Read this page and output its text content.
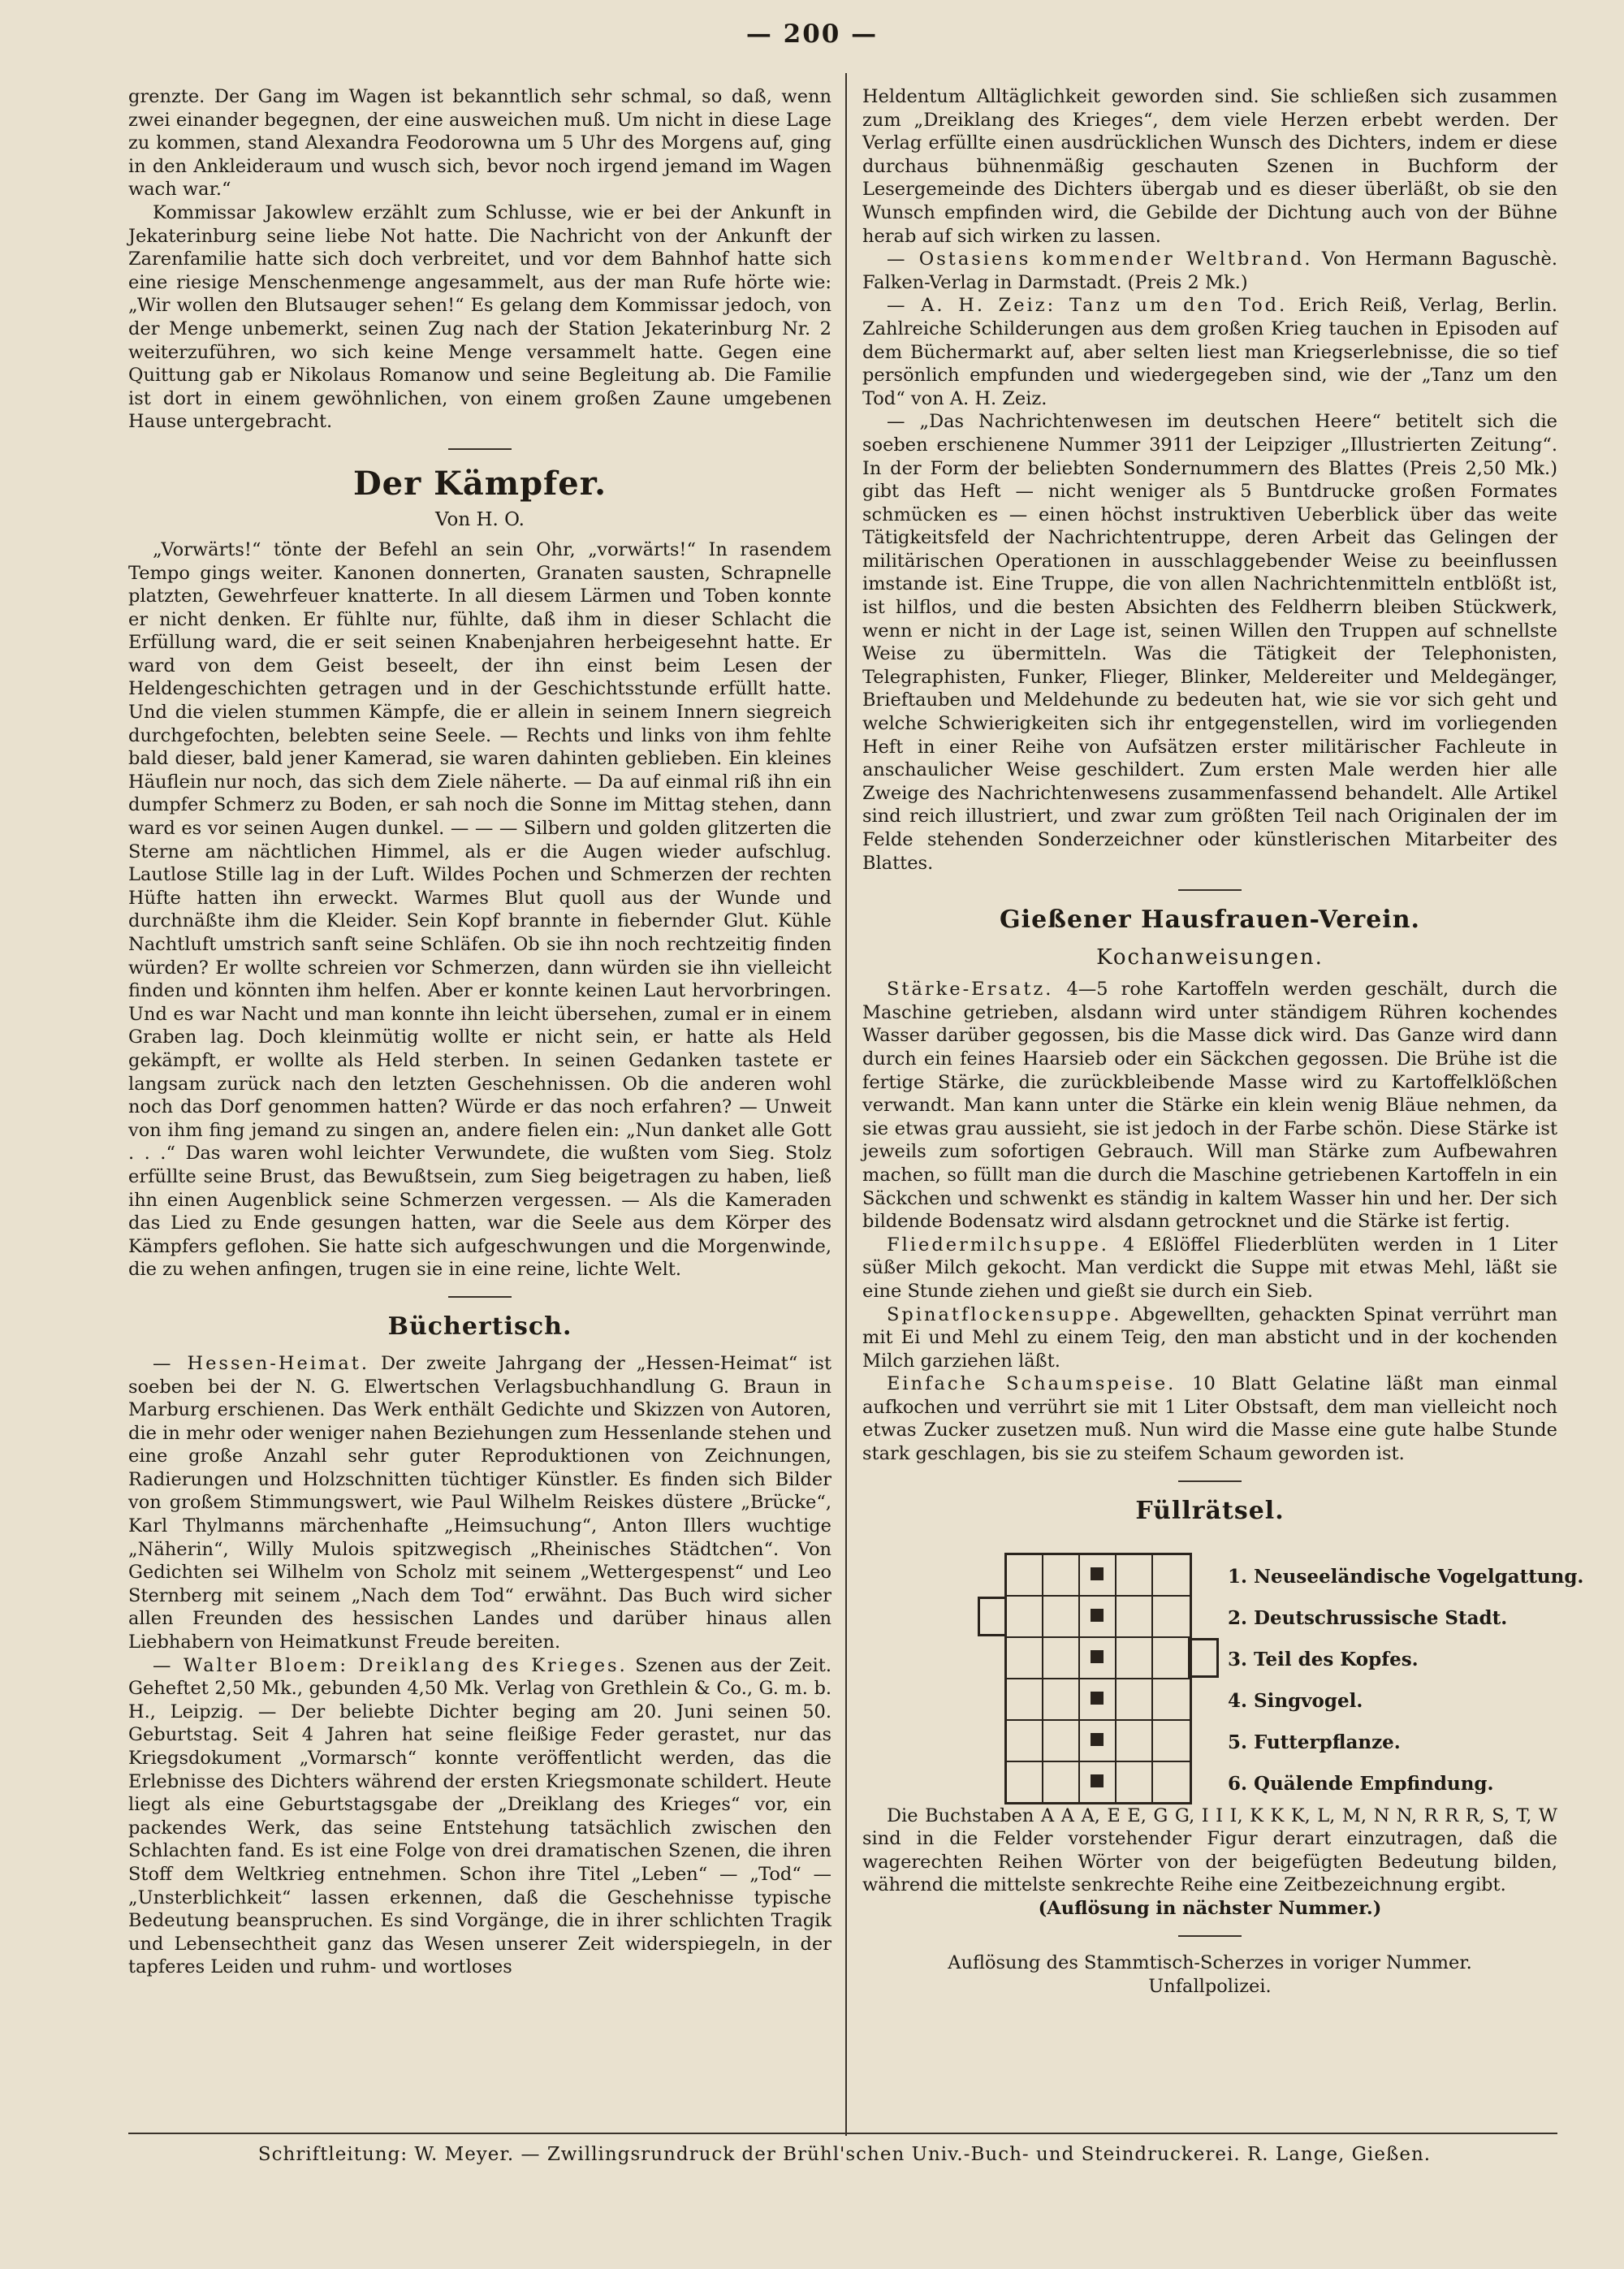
— 200 —

grenzte. Der Gang im Wagen ist bekanntlich sehr schmal, so daß, wenn zwei einander begegnen, der eine ausweichen muß. Um nicht in diese Lage zu kommen, stand Alexandra Feodorowna um 5 Uhr des Morgens auf, ging in den Ankleideraum und wusch sich, bevor noch irgend jemand im Wagen wach war.“

Kommissar Jakowlew erzählt zum Schlusse, wie er bei der Ankunft in Jekaterinburg seine liebe Not hatte. Die Nachricht von der Ankunft der Zarenfamilie hatte sich doch verbreitet, und vor dem Bahnhof hatte sich eine riesige Menschenmenge angesammelt, aus der man Rufe hörte wie: „Wir wollen den Blutsauger sehen!“ Es gelang dem Kommissar jedoch, von der Menge unbemerkt, seinen Zug nach der Station Jekaterinburg Nr. 2 weiterzuführen, wo sich keine Menge versammelt hatte. Gegen eine Quittung gab er Nikolaus Romanow und seine Begleitung ab. Die Familie ist dort in einem gewöhnlichen, von einem großen Zaune umgebenen Hause untergebracht.

Der Kämpfer.
Von H. O.

„Vorwärts!“ tönte der Befehl an sein Ohr, „vorwärts!“ In rasendem Tempo gings weiter. Kanonen donnerten, Granaten sausten, Schrapnelle platzten, Gewehrfeuer knatterte. In all diesem Lärmen und Toben konnte er nicht denken. Er fühlte nur, fühlte, daß ihm in dieser Schlacht die Erfüllung ward, die er seit seinen Knabenjahren herbeigesehnt hatte. Er ward von dem Geist beseelt, der ihn einst beim Lesen der Heldengeschichten getragen und in der Geschichtsstunde erfüllt hatte. Und die vielen stummen Kämpfe, die er allein in seinem Innern siegreich durchgefochten, belebten seine Seele. — Rechts und links von ihm fehlte bald dieser, bald jener Kamerad, sie waren dahinten geblieben. Ein kleines Häuflein nur noch, das sich dem Ziele näherte. — Da auf einmal riß ihn ein dumpfer Schmerz zu Boden, er sah noch die Sonne im Mittag stehen, dann ward es vor seinen Augen dunkel. — — — Silbern und golden glitzerten die Sterne am nächtlichen Himmel, als er die Augen wieder aufschlug. Lautlose Stille lag in der Luft. Wildes Pochen und Schmerzen der rechten Hüfte hatten ihn erweckt. Warmes Blut quoll aus der Wunde und durchnäßte ihm die Kleider. Sein Kopf brannte in fiebernder Glut. Kühle Nachtluft umstrich sanft seine Schläfen. Ob sie ihn noch rechtzeitig finden würden? Er wollte schreien vor Schmerzen, dann würden sie ihn vielleicht finden und könnten ihm helfen. Aber er konnte keinen Laut hervorbringen. Und es war Nacht und man konnte ihn leicht übersehen, zumal er in einem Graben lag. Doch kleinmütig wollte er nicht sein, er hatte als Held gekämpft, er wollte als Held sterben. In seinen Gedanken tastete er langsam zurück nach den letzten Geschehnissen. Ob die anderen wohl noch das Dorf genommen hatten? Würde er das noch erfahren? — Unweit von ihm fing jemand zu singen an, andere fielen ein: „Nun danket alle Gott . . .“ Das waren wohl leichter Verwundete, die wußten vom Sieg. Stolz erfüllte seine Brust, das Bewußtsein, zum Sieg beigetragen zu haben, ließ ihn einen Augenblick seine Schmerzen vergessen. — Als die Kameraden das Lied zu Ende gesungen hatten, war die Seele aus dem Körper des Kämpfers geflohen. Sie hatte sich aufgeschwungen und die Morgenwinde, die zu wehen anfingen, trugen sie in eine reine, lichte Welt.

Büchertisch.

— Hessen-Heimat. Der zweite Jahrgang der „Hessen-Heimat“ ist soeben bei der N. G. Elwertschen Verlagsbuchhandlung G. Braun in Marburg erschienen. Das Werk enthält Gedichte und Skizzen von Autoren, die in mehr oder weniger nahen Beziehungen zum Hessenlande stehen und eine große Anzahl sehr guter Reproduktionen von Zeichnungen, Radierungen und Holzschnitten tüchtiger Künstler. Es finden sich Bilder von großem Stimmungswert, wie Paul Wilhelm Reiskes düstere „Brücke“, Karl Thylmanns märchenhafte „Heimsuchung“, Anton Illers wuchtige „Näherin“, Willy Mulois spitzwegisch „Rheinisches Städtchen“. Von Gedichten sei Wilhelm von Scholz mit seinem „Wettergespenst“ und Leo Sternberg mit seinem „Nach dem Tod“ erwähnt. Das Buch wird sicher allen Freunden des hessischen Landes und darüber hinaus allen Liebhabern von Heimatkunst Freude bereiten.

— Walter Bloem: Dreiklang des Krieges. Szenen aus der Zeit. Geheftet 2,50 Mk., gebunden 4,50 Mk. Verlag von Grethlein & Co., G. m. b. H., Leipzig. — Der beliebte Dichter beging am 20. Juni seinen 50. Geburtstag. Seit 4 Jahren hat seine fleißige Feder gerastet, nur das Kriegsdokument „Vormarsch“ konnte veröffentlicht werden, das die Erlebnisse des Dichters während der ersten Kriegsmonate schildert. Heute liegt als eine Geburtstagsgabe der „Dreiklang des Krieges“ vor, ein packendes Werk, das seine Entstehung tatsächlich zwischen den Schlachten fand. Es ist eine Folge von drei dramatischen Szenen, die ihren Stoff dem Weltkrieg entnehmen. Schon ihre Titel „Leben“ — „Tod“ — „Unsterblichkeit“ lassen erkennen, daß die Geschehnisse typische Bedeutung beanspruchen. Es sind Vorgänge, die in ihrer schlichten Tragik und Lebensechtheit ganz das Wesen unserer Zeit widerspiegeln, in der tapferes Leiden und ruhm- und wortloses

Heldentum Alltäglichkeit geworden sind. Sie schließen sich zusammen zum „Dreiklang des Krieges“, dem viele Herzen erbebt werden. Der Verlag erfüllte einen ausdrücklichen Wunsch des Dichters, indem er diese durchaus bühnenmäßig geschauten Szenen in Buchform der Lesergemeinde des Dichters übergab und es dieser überläßt, ob sie den Wunsch empfinden wird, die Gebilde der Dichtung auch von der Bühne herab auf sich wirken zu lassen.

— Ostasiens kommender Weltbrand. Von Hermann Baguschè. Falken-Verlag in Darmstadt. (Preis 2 Mk.)

— A. H. Zeiz: Tanz um den Tod. Erich Reiß, Verlag, Berlin. Zahlreiche Schilderungen aus dem großen Krieg tauchen in Episoden auf dem Büchermarkt auf, aber selten liest man Kriegserlebnisse, die so tief persönlich empfunden und wiedergegeben sind, wie der „Tanz um den Tod“ von A. H. Zeiz.

— „Das Nachrichtenwesen im deutschen Heere“ betitelt sich die soeben erschienene Nummer 3911 der Leipziger „Illustrierten Zeitung“. In der Form der beliebten Sondernummern des Blattes (Preis 2,50 Mk.) gibt das Heft — nicht weniger als 5 Buntdrucke großen Formates schmücken es — einen höchst instruktiven Ueberblick über das weite Tätigkeitsfeld der Nachrichtentruppe, deren Arbeit das Gelingen der militärischen Operationen in ausschlaggebender Weise zu beeinflussen imstande ist. Eine Truppe, die von allen Nachrichtenmitteln entblößt ist, ist hilflos, und die besten Absichten des Feldherrn bleiben Stückwerk, wenn er nicht in der Lage ist, seinen Willen den Truppen auf schnellste Weise zu übermitteln. Was die Tätigkeit der Telephonisten, Telegraphisten, Funker, Flieger, Blinker, Meldereiter und Meldegänger, Brieftauben und Meldehunde zu bedeuten hat, wie sie vor sich geht und welche Schwierigkeiten sich ihr entgegenstellen, wird im vorliegenden Heft in einer Reihe von Aufsätzen erster militärischer Fachleute in anschaulicher Weise geschildert. Zum ersten Male werden hier alle Zweige des Nachrichtenwesens zusammenfassend behandelt. Alle Artikel sind reich illustriert, und zwar zum größten Teil nach Originalen der im Felde stehenden Sonderzeichner oder künstlerischen Mitarbeiter des Blattes.

Gießener Hausfrauen-Verein.
Kochanweisungen.

Stärke-Ersatz. 4—5 rohe Kartoffeln werden geschält, durch die Maschine getrieben, alsdann wird unter ständigem Rühren kochendes Wasser darüber gegossen, bis die Masse dick wird. Das Ganze wird dann durch ein feines Haarsieb oder ein Säckchen gegossen. Die Brühe ist die fertige Stärke, die zurückbleibende Masse wird zu Kartoffelklößchen verwandt. Man kann unter die Stärke ein klein wenig Bläue nehmen, da sie etwas grau aussieht, sie ist jedoch in der Farbe schön. Diese Stärke ist jeweils zum sofortigen Gebrauch. Will man Stärke zum Aufbewahren machen, so füllt man die durch die Maschine getriebenen Kartoffeln in ein Säckchen und schwenkt es ständig in kaltem Wasser hin und her. Der sich bildende Bodensatz wird alsdann getrocknet und die Stärke ist fertig.

Fliedermilchsuppe. 4 Eßlöffel Fliederblüten werden in 1 Liter süßer Milch gekocht. Man verdickt die Suppe mit etwas Mehl, läßt sie eine Stunde ziehen und gießt sie durch ein Sieb.

Spinatflockensuppe. Abgewellten, gehackten Spinat verrührt man mit Ei und Mehl zu einem Teig, den man absticht und in der kochenden Milch garziehen läßt.

Einfache Schaumspeise. 10 Blatt Gelatine läßt man einmal aufkochen und verrührt sie mit 1 Liter Obstsaft, dem man vielleicht noch etwas Zucker zusetzen muß. Nun wird die Masse eine gute halbe Stunde stark geschlagen, bis sie zu steifem Schaum geworden ist.

Füllrätsel.
1. Neuseeländische Vogelgattung.
2. Deutschrussische Stadt.
3. Teil des Kopfes.
4. Singvogel.
5. Futterpflanze.
6. Quälende Empfindung.

Die Buchstaben A A A, E E, G G, I I I, K K K, L, M, N N, R R R, S, T, W sind in die Felder vorstehender Figur derart einzutragen, daß die wagerechten Reihen Wörter von der beigefügten Bedeutung bilden, während die mittelste senkrechte Reihe eine Zeitbezeichnung ergibt.

(Auflösung in nächster Nummer.)
Auflösung des Stammtisch-Scherzes in voriger Nummer.
Unfallpolizei.
Schriftleitung: W. Meyer. — Zwillingsrundruck der Brühl'schen Univ.-Buch- und Steindruckerei. R. Lange, Gießen.
